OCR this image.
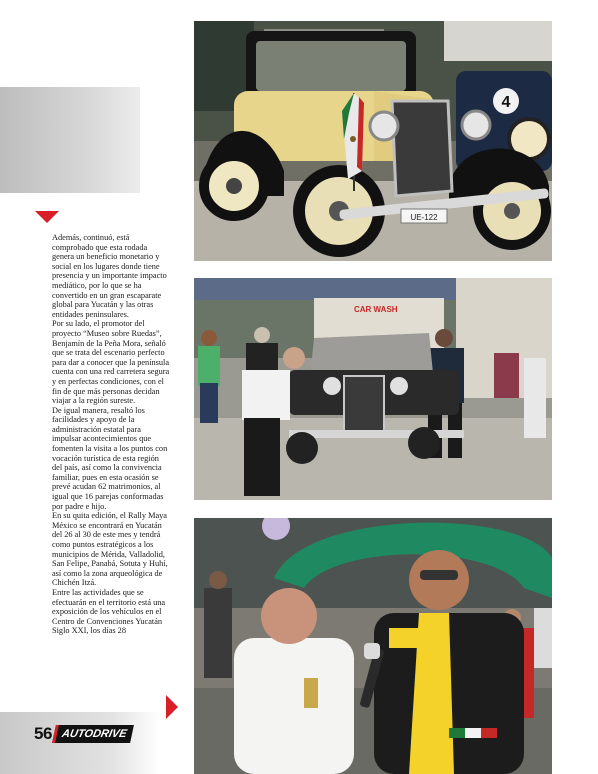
Además, continuó, está comprobado que esta rodada genera un beneficio monetario y social en los lugares donde tiene presencia y un importante impacto mediático, por lo que se ha convertido en un gran escaparate global para Yucatán y las otras entidades peninsulares.

Por su lado, el promotor del proyecto “Museo sobre Ruedas”, Benjamín de la Peña Mora, señaló que se trata del escenario perfecto para dar a conocer que la península cuenta con una red carretera segura y en perfectas condiciones, con el fin de que más personas decidan viajar a la región sureste.

De igual manera, resaltó los facilidades y apoyo de la administración estatal para impulsar acontecimientos que fomenten la visita a los puntos con vocación turística de esta región del país, así como la convivencia familiar, pues en esta ocasión se prevé acudan 62 matrimonios, al igual que 16 parejas conformadas por padre e hijo.

En su quita edición, el Rally Maya México se encontrará en Yucatán del 26 al 30 de este mes y tendrá como puntos estratégicos a los municipios de Mérida, Valladolid, San Felipe, Panabá, Sotuta y Huhí, así como la zona arqueológica de Chichén Itzá.

Entre las actividades que se efectuarán en el territorio está una exposición de los vehículos en el Centro de Convenciones Yucatán Siglo XXI, los días 28

4
UE-122
CAR WASH
56 AUTODRIVE
